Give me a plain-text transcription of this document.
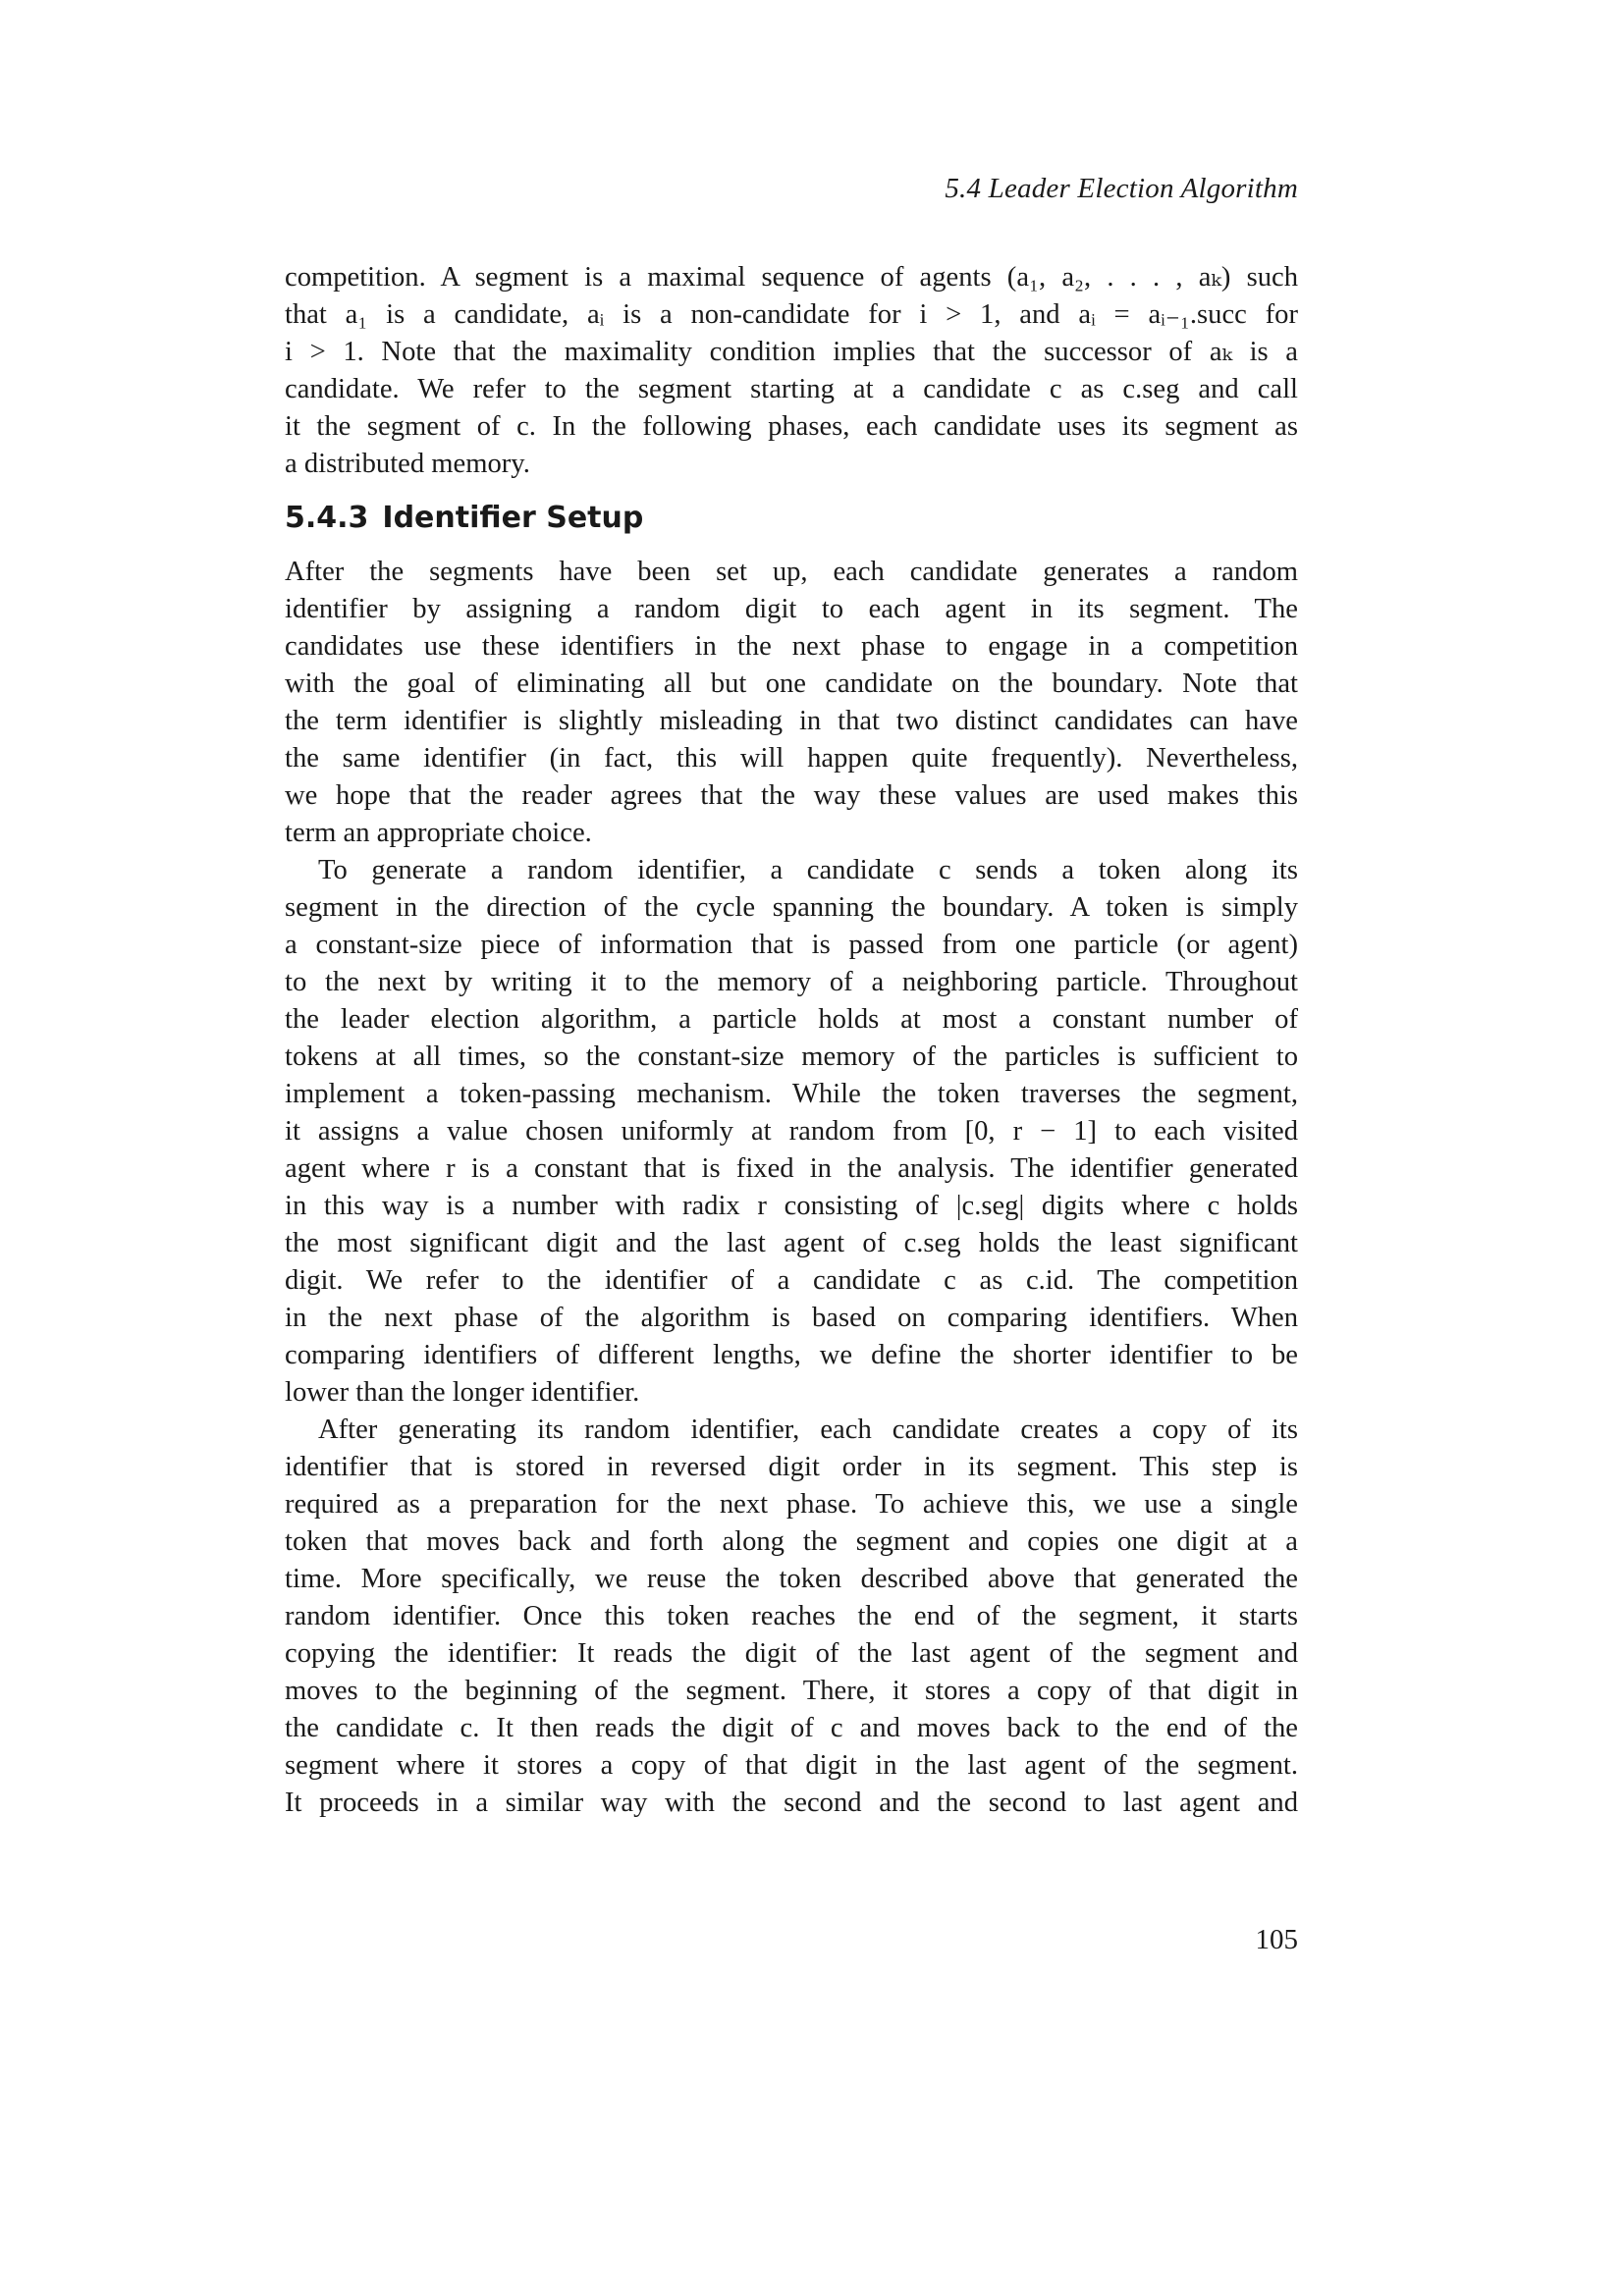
5.4 Leader Election Algorithm
competition. A segment is a maximal sequence of agents (a₁, a₂, . . . , aₖ) such
that a₁ is a candidate, aᵢ is a non-candidate for i > 1, and aᵢ = aᵢ₋₁.succ for
i > 1. Note that the maximality condition implies that the successor of aₖ is a
candidate. We refer to the segment starting at a candidate c as c.seg and call
it the segment of c. In the following phases, each candidate uses its segment as
a distributed memory.
5.4.3 Identifier Setup
After the segments have been set up, each candidate generates a random
identifier by assigning a random digit to each agent in its segment. The
candidates use these identifiers in the next phase to engage in a competition
with the goal of eliminating all but one candidate on the boundary. Note that
the term identifier is slightly misleading in that two distinct candidates can have
the same identifier (in fact, this will happen quite frequently). Nevertheless,
we hope that the reader agrees that the way these values are used makes this
term an appropriate choice.
To generate a random identifier, a candidate c sends a token along its
segment in the direction of the cycle spanning the boundary. A token is simply
a constant-size piece of information that is passed from one particle (or agent)
to the next by writing it to the memory of a neighboring particle. Throughout
the leader election algorithm, a particle holds at most a constant number of
tokens at all times, so the constant-size memory of the particles is sufficient to
implement a token-passing mechanism. While the token traverses the segment,
it assigns a value chosen uniformly at random from [0, r − 1] to each visited
agent where r is a constant that is fixed in the analysis. The identifier generated
in this way is a number with radix r consisting of |c.seg| digits where c holds
the most significant digit and the last agent of c.seg holds the least significant
digit. We refer to the identifier of a candidate c as c.id. The competition
in the next phase of the algorithm is based on comparing identifiers. When
comparing identifiers of different lengths, we define the shorter identifier to be
lower than the longer identifier.
After generating its random identifier, each candidate creates a copy of its
identifier that is stored in reversed digit order in its segment. This step is
required as a preparation for the next phase. To achieve this, we use a single
token that moves back and forth along the segment and copies one digit at a
time. More specifically, we reuse the token described above that generated the
random identifier. Once this token reaches the end of the segment, it starts
copying the identifier: It reads the digit of the last agent of the segment and
moves to the beginning of the segment. There, it stores a copy of that digit in
the candidate c. It then reads the digit of c and moves back to the end of the
segment where it stores a copy of that digit in the last agent of the segment.
It proceeds in a similar way with the second and the second to last agent and
105
